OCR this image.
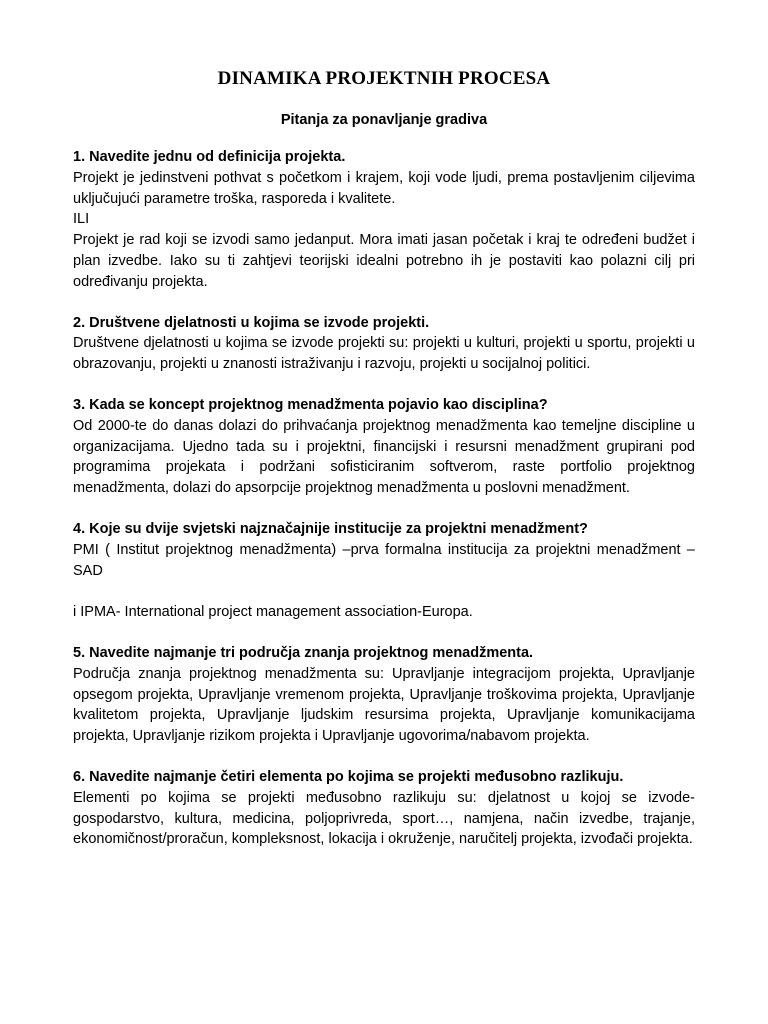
DINAMIKA PROJEKTNIH PROCESA
Pitanja za ponavljanje gradiva

1. Navedite jednu od definicija projekta.

Projekt je jedinstveni pothvat s početkom i krajem, koji vode ljudi, prema postavljenim ciljevima uključujući parametre troška, rasporeda i kvalitete.

ILI

Projekt je rad koji se izvodi samo jedanput. Mora imati jasan početak i kraj te određeni budžet i plan izvedbe. Iako su ti zahtjevi teorijski idealni potrebno ih je postaviti kao polazni cilj pri određivanju projekta.

2. Društvene djelatnosti u kojima se izvode projekti.

Društvene djelatnosti u kojima se izvode projekti su: projekti u kulturi, projekti u sportu, projekti u obrazovanju, projekti u znanosti istraživanju i razvoju, projekti u socijalnoj politici.

3. Kada se koncept projektnog menadžmenta pojavio kao disciplina?

Od 2000-te do danas dolazi do prihvaćanja projektnog menadžmenta kao temeljne discipline u organizacijama. Ujedno tada su i projektni, financijski i resursni menadžment grupirani pod programima projekata i podržani sofisticiranim softverom, raste portfolio projektnog menadžmenta, dolazi do apsorpcije projektnog menadžmenta u poslovni menadžment.

4. Koje su dvije svjetski najznačajnije institucije za projektni menadžment?

PMI ( Institut projektnog menadžmenta) –prva formalna institucija za projektni menadžment –SAD

i IPMA- International project management association-Europa.

5. Navedite najmanje tri područja znanja projektnog menadžmenta.

Područja znanja projektnog menadžmenta su: Upravljanje integracijom projekta, Upravljanje opsegom projekta, Upravljanje vremenom projekta, Upravljanje troškovima projekta, Upravljanje kvalitetom projekta, Upravljanje ljudskim resursima projekta, Upravljanje komunikacijama projekta, Upravljanje rizikom projekta i Upravljanje ugovorima/nabavom projekta.

6. Navedite najmanje četiri elementa po kojima se projekti međusobno razlikuju.

Elementi po kojima se projekti međusobno razlikuju su: djelatnost u kojoj se izvode-gospodarstvo, kultura, medicina, poljoprivreda, sport…, namjena, način izvedbe, trajanje, ekonomičnost/proračun, kompleksnost, lokacija i okruženje, naručitelj projekta, izvođači projekta.
